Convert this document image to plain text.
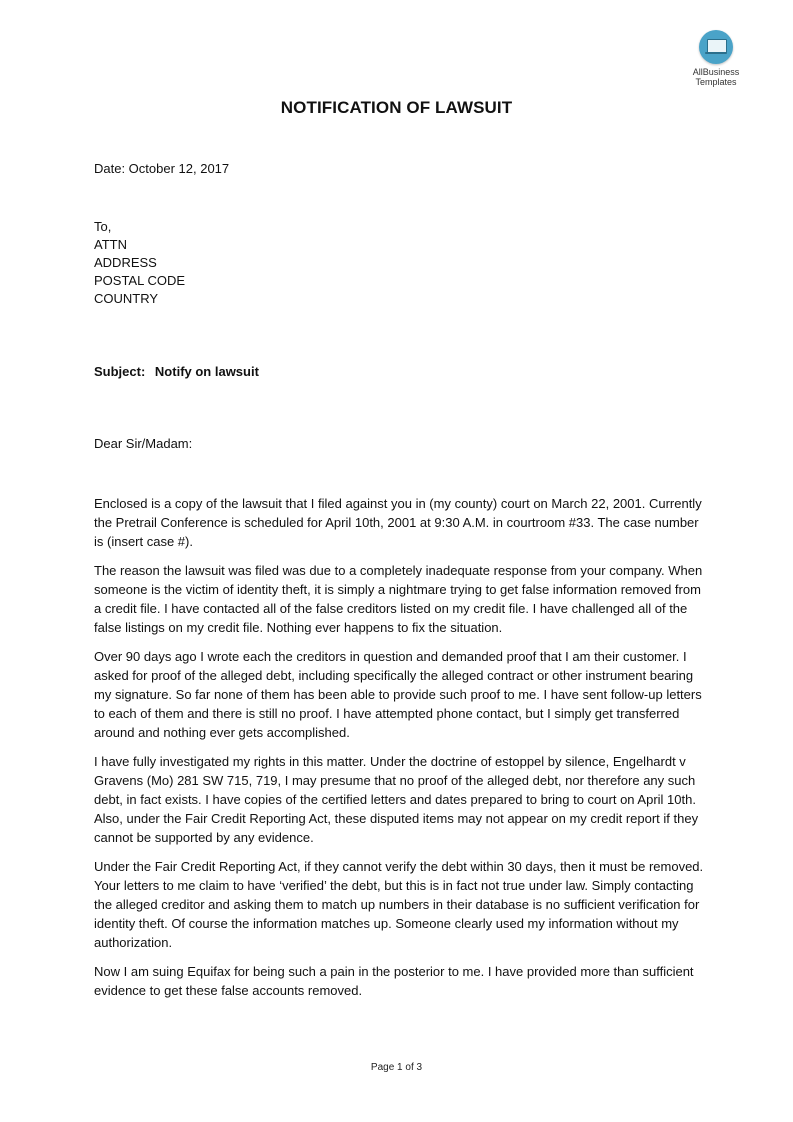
AllBusiness
Templates
NOTIFICATION OF LAWSUIT
Date: October 12, 2017
To,
ATTN
ADDRESS
POSTAL CODE
COUNTRY
Subject: Notify on lawsuit
Dear Sir/Madam:

Enclosed is a copy of the lawsuit that I filed against you in (my county) court on March 22, 2001. Currently the Pretrail Conference is scheduled for April 10th, 2001 at 9:30 A.M. in courtroom #33. The case number is (insert case #).

The reason the lawsuit was filed was due to a completely inadequate response from your company. When someone is the victim of identity theft, it is simply a nightmare trying to get false information removed from a credit file. I have contacted all of the false creditors listed on my credit file. I have challenged all of the false listings on my credit file. Nothing ever happens to fix the situation.

Over 90 days ago I wrote each the creditors in question and demanded proof that I am their customer. I asked for proof of the alleged debt, including specifically the alleged contract or other instrument bearing my signature. So far none of them has been able to provide such proof to me. I have sent follow-up letters to each of them and there is still no proof. I have attempted phone contact, but I simply get transferred around and nothing ever gets accomplished.

I have fully investigated my rights in this matter. Under the doctrine of estoppel by silence, Engelhardt v Gravens (Mo) 281 SW 715, 719, I may presume that no proof of the alleged debt, nor therefore any such debt, in fact exists. I have copies of the certified letters and dates prepared to bring to court on April 10th. Also, under the Fair Credit Reporting Act, these disputed items may not appear on my credit report if they cannot be supported by any evidence.

Under the Fair Credit Reporting Act, if they cannot verify the debt within 30 days, then it must be removed. Your letters to me claim to have ‘verified’ the debt, but this is in fact not true under law. Simply contacting the alleged creditor and asking them to match up numbers in their database is no sufficient verification for identity theft. Of course the information matches up. Someone clearly used my information without my authorization.

Now I am suing Equifax for being such a pain in the posterior to me. I have provided more than sufficient evidence to get these false accounts removed.

Page 1 of 3
